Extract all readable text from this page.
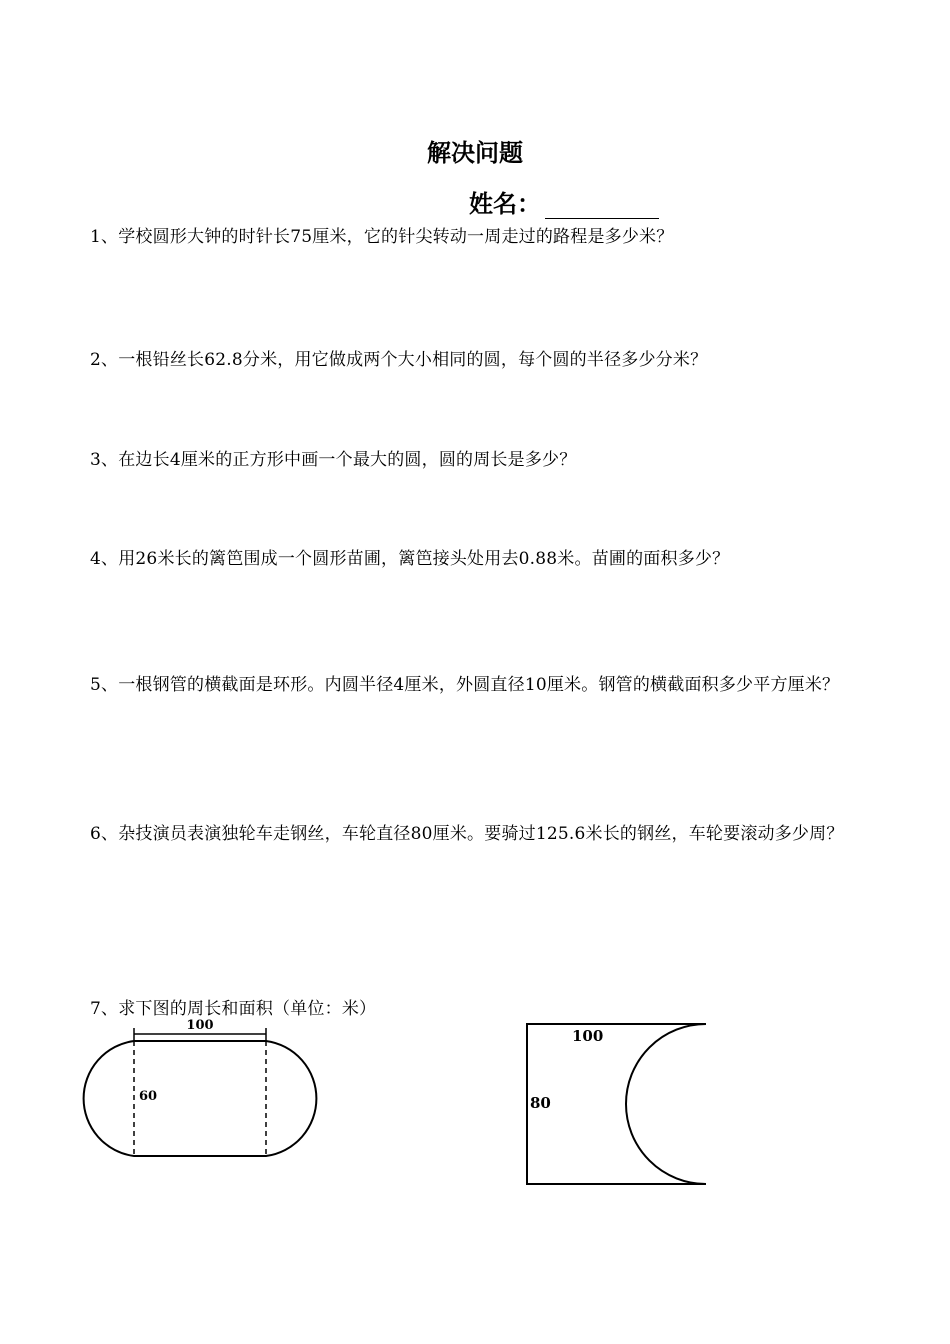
解决问题
姓名：
1、学校圆形大钟的时针长75厘米，它的针尖转动一周走过的路程是多少米？
2、一根铅丝长62.8分米，用它做成两个大小相同的圆，每个圆的半径多少分米？
3、在边长4厘米的正方形中画一个最大的圆，圆的周长是多少？
4、用26米长的篱笆围成一个圆形苗圃，篱笆接头处用去0.88米。苗圃的面积多少？
5、一根钢管的横截面是环形。内圆半径4厘米，外圆直径10厘米。钢管的横截面积多少平方厘米？
6、杂技演员表演独轮车走钢丝，车轮直径80厘米。要骑过125.6米长的钢丝，车轮要滚动多少周？
7、求下图的周长和面积（单位：米）
100
60
100
80
